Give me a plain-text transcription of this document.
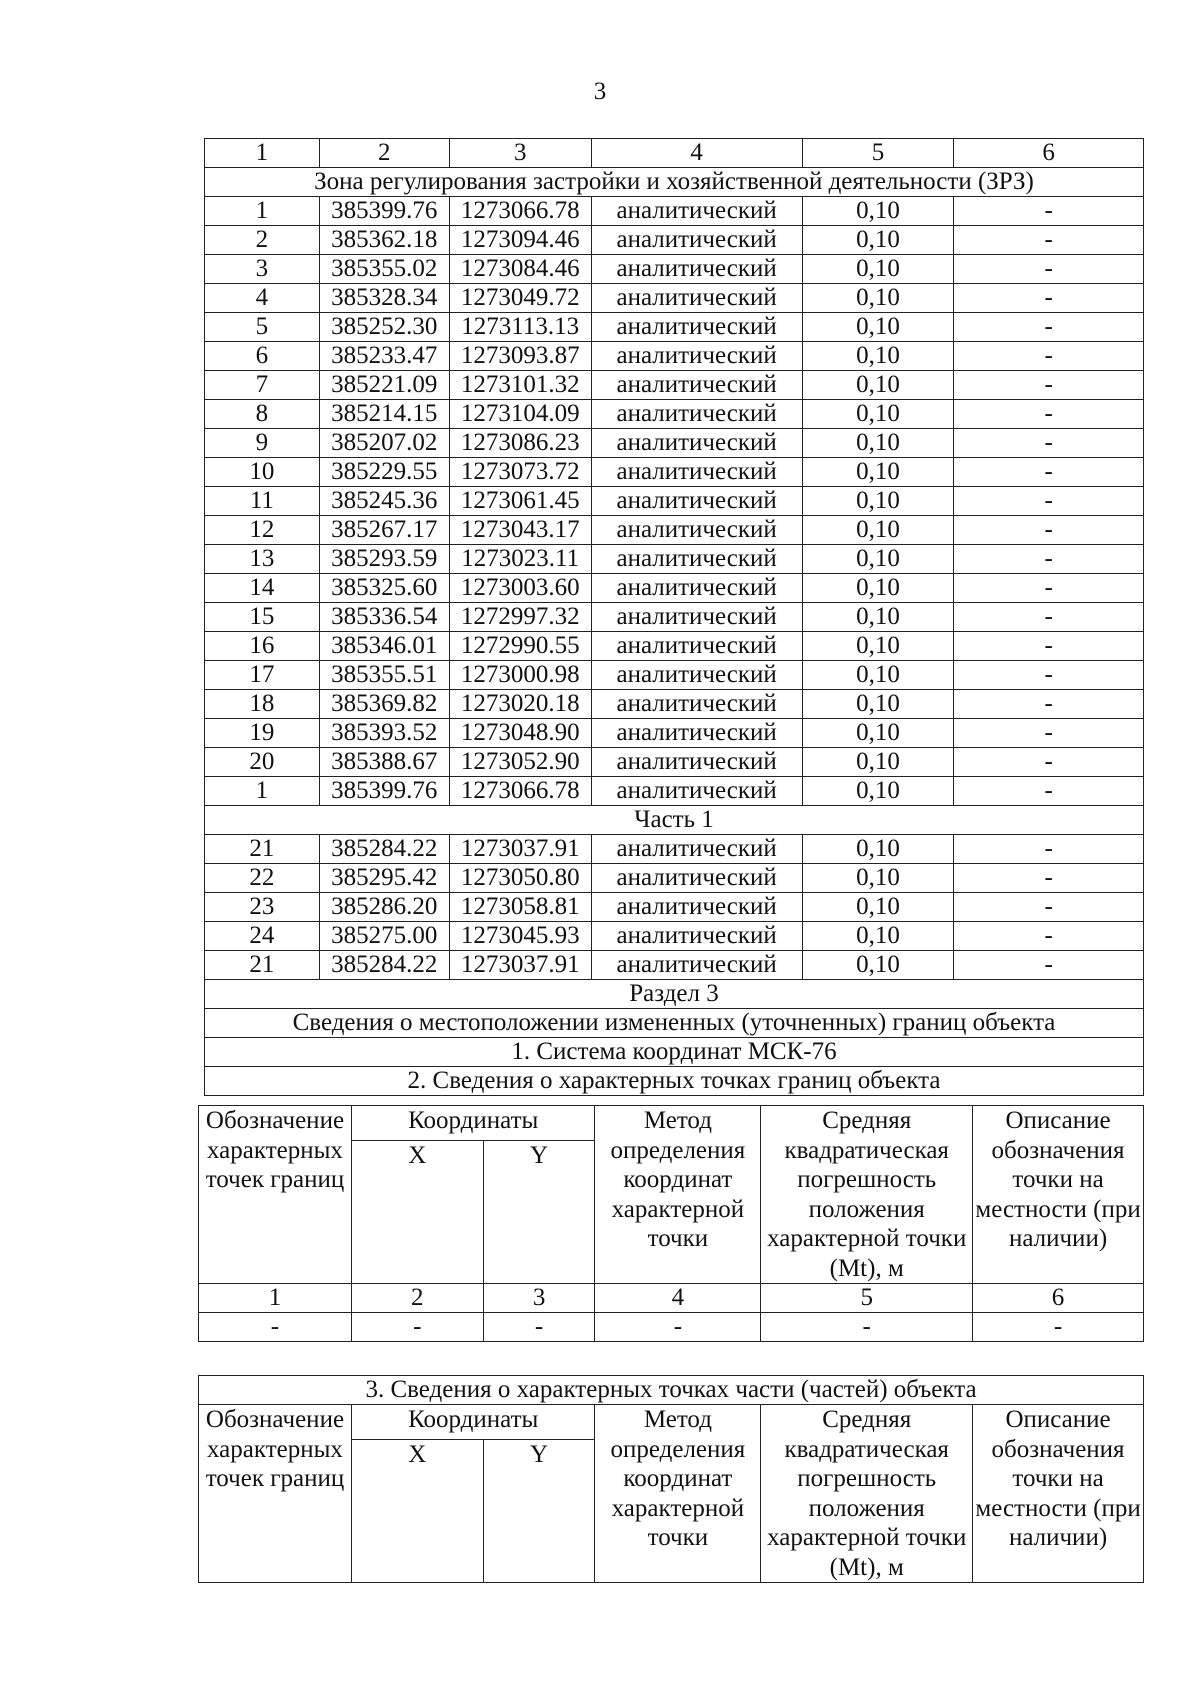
3
1	2	3	4	5	6
Зона регулирования застройки и хозяйственной деятельности (ЗРЗ)					
1	385399.76	1273066.78	аналитический	0,10	-
2	385362.18	1273094.46	аналитический	0,10	-
3	385355.02	1273084.46	аналитический	0,10	-
4	385328.34	1273049.72	аналитический	0,10	-
5	385252.30	1273113.13	аналитический	0,10	-
6	385233.47	1273093.87	аналитический	0,10	-
7	385221.09	1273101.32	аналитический	0,10	-
8	385214.15	1273104.09	аналитический	0,10	-
9	385207.02	1273086.23	аналитический	0,10	-
10	385229.55	1273073.72	аналитический	0,10	-
11	385245.36	1273061.45	аналитический	0,10	-
12	385267.17	1273043.17	аналитический	0,10	-
13	385293.59	1273023.11	аналитический	0,10	-
14	385325.60	1273003.60	аналитический	0,10	-
15	385336.54	1272997.32	аналитический	0,10	-
16	385346.01	1272990.55	аналитический	0,10	-
17	385355.51	1273000.98	аналитический	0,10	-
18	385369.82	1273020.18	аналитический	0,10	-
19	385393.52	1273048.90	аналитический	0,10	-
20	385388.67	1273052.90	аналитический	0,10	-
1	385399.76	1273066.78	аналитический	0,10	-
Часть 1					
21	385284.22	1273037.91	аналитический	0,10	-
22	385295.42	1273050.80	аналитический	0,10	-
23	385286.20	1273058.81	аналитический	0,10	-
24	385275.00	1273045.93	аналитический	0,10	-
21	385284.22	1273037.91	аналитический	0,10	-
Раздел 3					
Сведения о местоположении измененных (уточненных) границ объекта					
1. Система координат МСК-76					
2. Сведения о характерных точках границ объекта					
Обозначение характерных точек границ	Координаты		Метод определения координат характерной точки	Средняя квадратическая погрешность положения характерной точки (Mt), м	Описание обозначения точки на местности (при наличии)
	X	Y			
1	2	3	4	5	6
-	-	-	-	-	-
3. Сведения о характерных точках части (частей) объекта					
Обозначение характерных точек границ	Координаты		Метод определения координат характерной точки	Средняя квадратическая погрешность положения характерной точки (Mt), м	Описание обозначения точки на местности (при наличии)
	X	Y			
